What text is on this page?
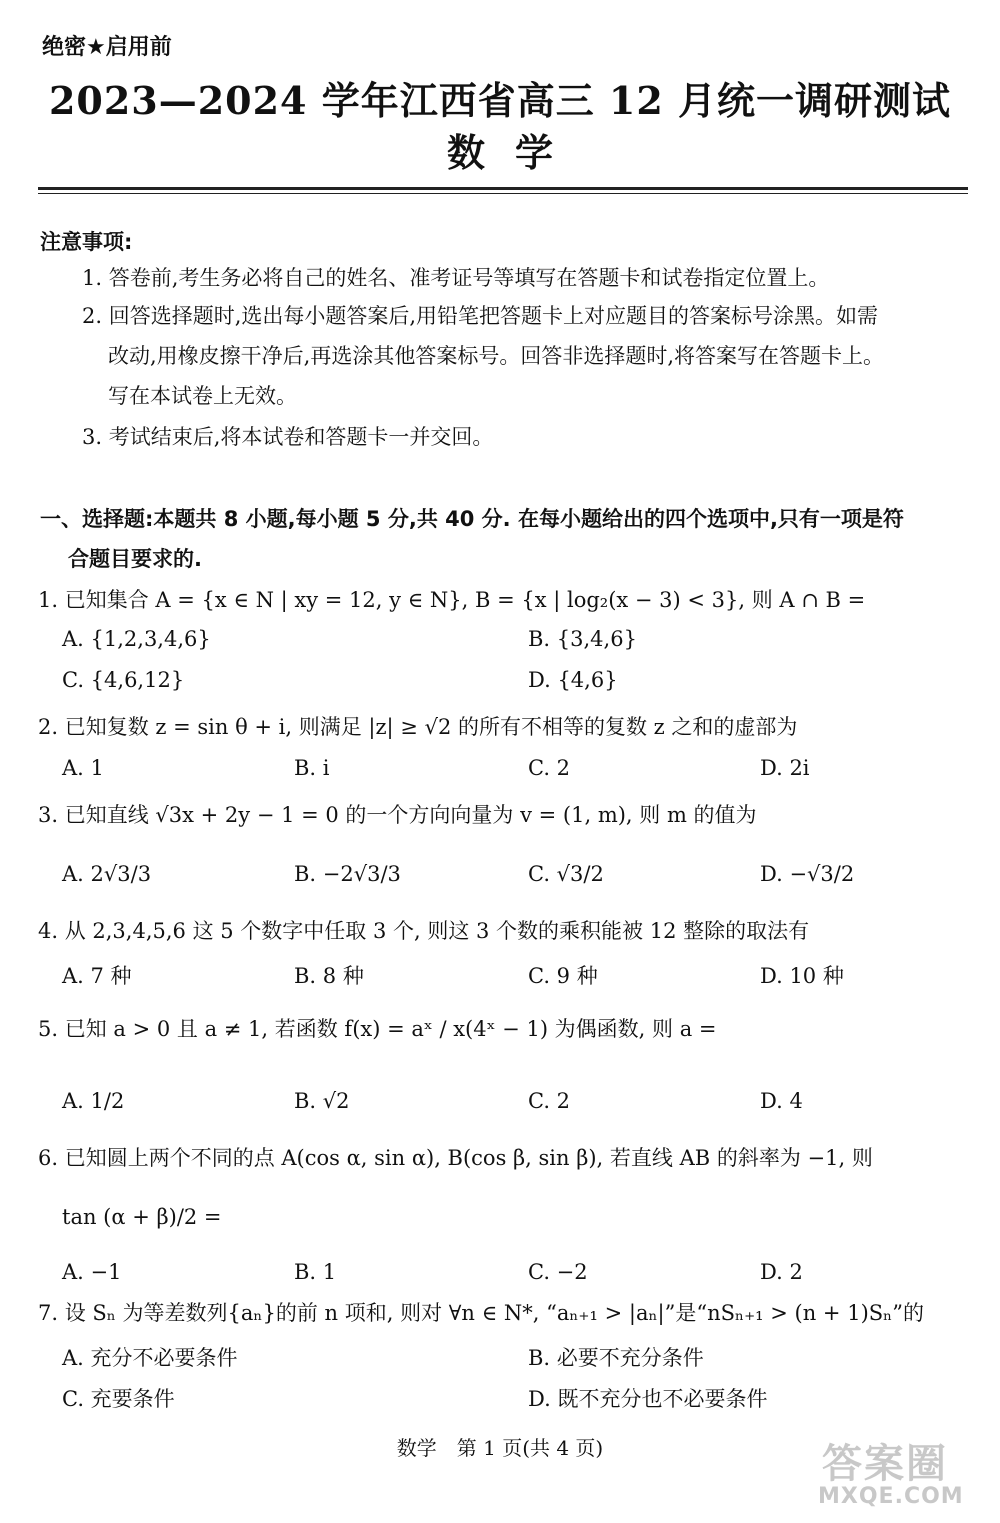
绝密★启用前
2023—2024 学年江西省高三 12 月统一调研测试
数学
注意事项:
1. 答卷前,考生务必将自己的姓名、准考证号等填写在答题卡和试卷指定位置上。
2. 回答选择题时,选出每小题答案后,用铅笔把答题卡上对应题目的答案标号涂黑。如需
改动,用橡皮擦干净后,再选涂其他答案标号。回答非选择题时,将答案写在答题卡上。
写在本试卷上无效。
3. 考试结束后,将本试卷和答题卡一并交回。
一、选择题:本题共 8 小题,每小题 5 分,共 40 分. 在每小题给出的四个选项中,只有一项是符
合题目要求的.
1. 已知集合 A = {x ∈ N | xy = 12, y ∈ N}, B = {x | log₂(x − 3) < 3}, 则 A ∩ B =
A. {1,2,3,4,6}	B. {3,4,6}
C. {4,6,12}	D. {4,6}
2. 已知复数 z = sin θ + i, 则满足 |z| ≥ √2 的所有不相等的复数 z 之和的虚部为
A. 1	B. i	C. 2	D. 2i
3. 已知直线 √3x + 2y − 1 = 0 的一个方向向量为 v = (1, m), 则 m 的值为
A. 2√3/3	B. −2√3/3	C. √3/2	D. −√3/2
4. 从 2,3,4,5,6 这 5 个数字中任取 3 个, 则这 3 个数的乘积能被 12 整除的取法有
A. 7 种	B. 8 种	C. 9 种	D. 10 种
5. 已知 a > 0 且 a ≠ 1, 若函数 f(x) = aˣ / x(4ˣ − 1) 为偶函数, 则 a =
A. 1/2	B. √2	C. 2	D. 4
6. 已知圆上两个不同的点 A(cos α, sin α), B(cos β, sin β), 若直线 AB 的斜率为 −1, 则
tan (α + β)/2 =
A. −1	B. 1	C. −2	D. 2
7. 设 Sₙ 为等差数列{aₙ}的前 n 项和, 则对 ∀n ∈ N*, “aₙ₊₁ > |aₙ|”是“nSₙ₊₁ > (n + 1)Sₙ”的
A. 充分不必要条件	B. 必要不充分条件
C. 充要条件	D. 既不充分也不必要条件
数学　第 1 页(共 4 页)	答案圈
MXQE.COM
